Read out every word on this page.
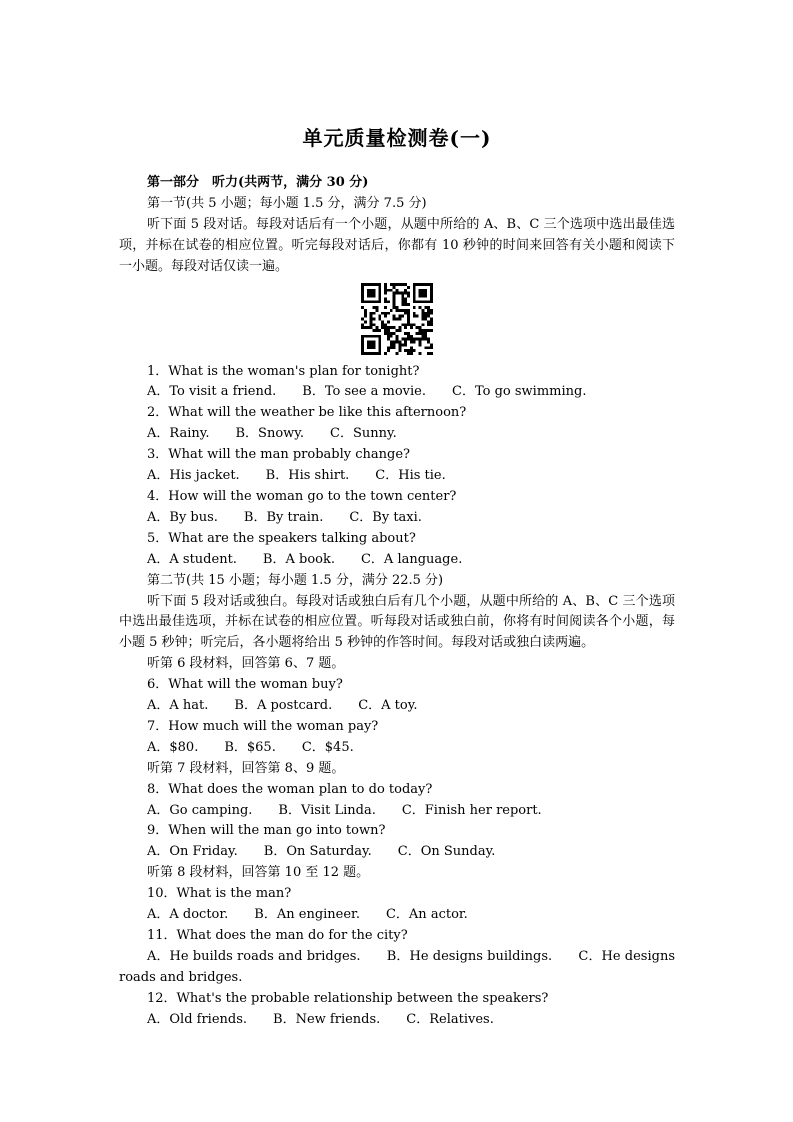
单元质量检测卷(一)

第一部分　听力(共两节，满分 30 分)

第一节(共 5 小题；每小题 1.5 分，满分 7.5 分)

听下面 5 段对话。每段对话后有一个小题，从题中所给的 A、B、C 三个选项中选出最佳选项，并标在试卷的相应位置。听完每段对话后，你都有 10 秒钟的时间来回答有关小题和阅读下一小题。每段对话仅读一遍。

1．What is the woman's plan for tonight?

A．To visit a friend.　　B．To see a movie.　　C．To go swimming.

2．What will the weather be like this afternoon?

A．Rainy.　　B．Snowy.　　C．Sunny.

3．What will the man probably change?

A．His jacket.　　B．His shirt.　　C．His tie.

4．How will the woman go to the town center?

A．By bus.　　B．By train.　　C．By taxi.

5．What are the speakers talking about?

A．A student.　　B．A book.　　C．A language.

第二节(共 15 小题；每小题 1.5 分，满分 22.5 分)

听下面 5 段对话或独白。每段对话或独白后有几个小题，从题中所给的 A、B、C 三个选项中选出最佳选项，并标在试卷的相应位置。听每段对话或独白前，你将有时间阅读各个小题，每小题 5 秒钟；听完后，各小题将给出 5 秒钟的作答时间。每段对话或独白读两遍。

听第 6 段材料，回答第 6、7 题。

6．What will the woman buy?

A．A hat.　　B．A postcard.　　C．A toy.

7．How much will the woman pay?

A．$80.　　B．$65.　　C．$45.

听第 7 段材料，回答第 8、9 题。

8．What does the woman plan to do today?

A．Go camping.　　B．Visit Linda.　　C．Finish her report.

9．When will the man go into town?

A．On Friday.　　B．On Saturday.　　C．On Sunday.

听第 8 段材料，回答第 10 至 12 题。

10．What is the man?

A．A doctor.　　B．An engineer.　　C．An actor.

11．What does the man do for the city?

A．He builds roads and bridges.　　B．He designs buildings.　　C．He designs roads and bridges.

12．What's the probable relationship between the speakers?

A．Old friends.　　B．New friends.　　C．Relatives.
